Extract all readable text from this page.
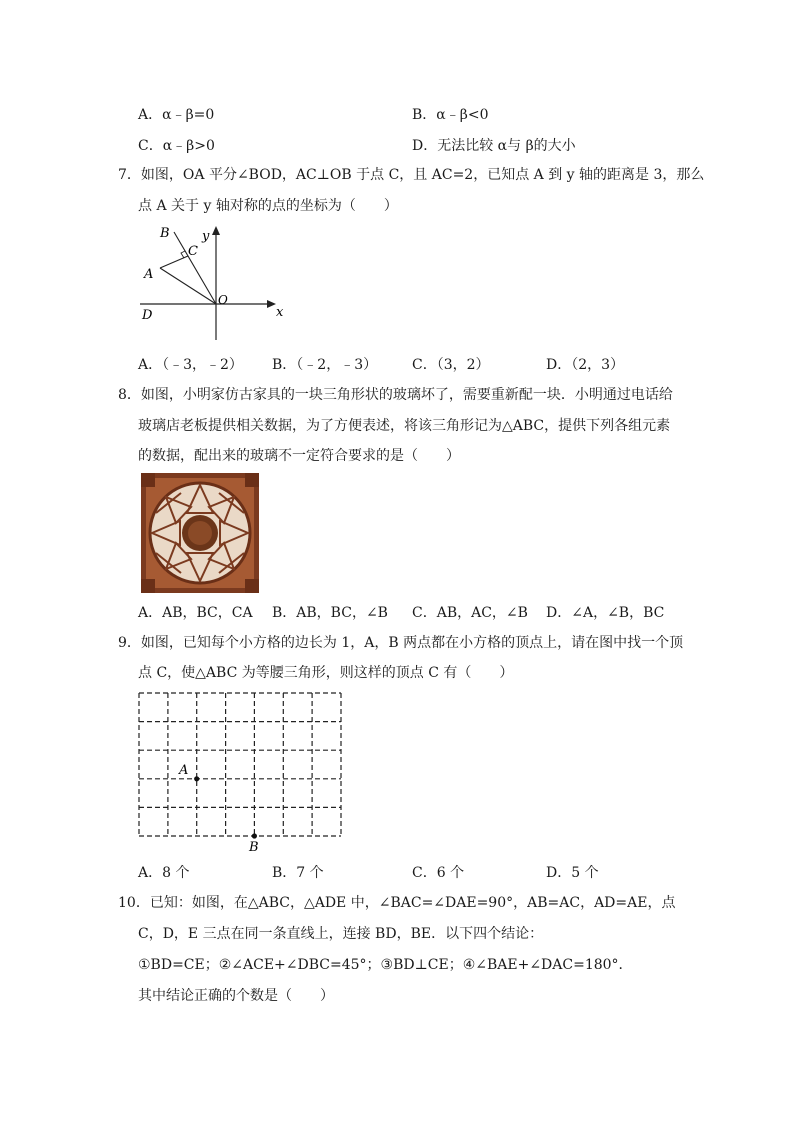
A．α﹣β=0	B．α﹣β<0
C．α﹣β>0	D．无法比较 α与 β的大小
7．如图，OA 平分∠BOD，AC⊥OB 于点 C，且 AC=2，已知点 A 到 y 轴的距离是 3，那么
点 A 关于 y 轴对称的点的坐标为（　　）
B
C
A
O
D	x
y
A．（﹣3，﹣2） B．（﹣2，﹣3） C．（3，2）	D．（2，3）
8．如图，小明家仿古家具的一块三角形状的玻璃坏了，需要重新配一块．小明通过电话给
玻璃店老板提供相关数据，为了方便表述，将该三角形记为△ABC，提供下列各组元素
的数据，配出来的玻璃不一定符合要求的是（　　）
A．AB，BC，CA B．AB，BC，∠B C．AB，AC，∠B D．∠A，∠B，BC
9．如图，已知每个小方格的边长为 1，A，B 两点都在小方格的顶点上，请在图中找一个顶
点 C，使△ABC 为等腰三角形，则这样的顶点 C 有（　　）
A
B
A．8 个	B．7 个	C．6 个	D．5 个
10．已知：如图，在△ABC，△ADE 中，∠BAC=∠DAE=90°，AB=AC，AD=AE，点
C，D，E 三点在同一条直线上，连接 BD，BE．以下四个结论：
①BD=CE；②∠ACE+∠DBC=45°；③BD⊥CE；④∠BAE+∠DAC=180°．
其中结论正确的个数是（　　）
